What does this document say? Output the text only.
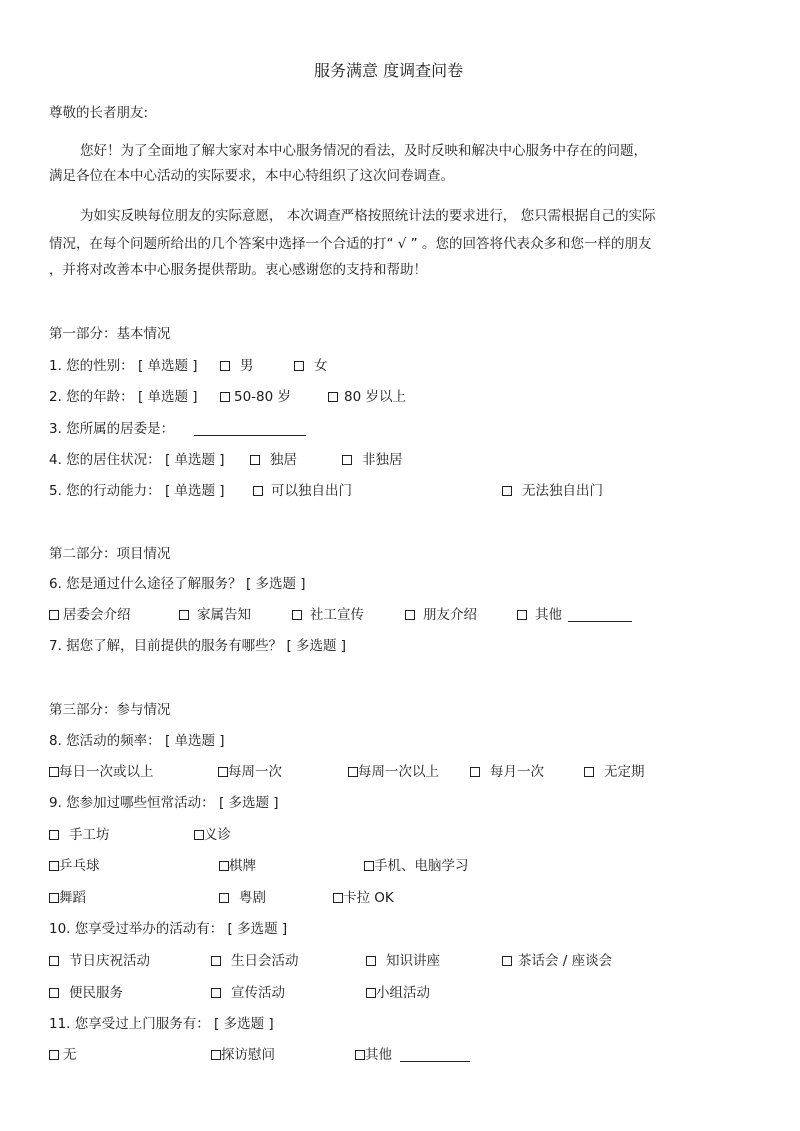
服务满意 度调查问卷
尊敬的长者朋友:
您好！为了全面地了解大家对本中心服务情况的看法，及时反映和解决中心服务中存在的问题，
满足各位在本中心活动的实际要求，本中心特组织了这次问卷调查。
为如实反映每位朋友的实际意愿， 本次调查严格按照统计法的要求进行， 您只需根据自己的实际
情况，在每个问题所给出的几个答案中选择一个合适的打“ √ ” 。您的回答将代表众多和您一样的朋友
，并将对改善本中心服务提供帮助。衷心感谢您的支持和帮助！
第一部分：基本情况
1. 您的性别： [ 单选题 ]	男	女
2. 您的年龄： [ 单选题 ]	50-80 岁	80 岁以上
3. 您所属的居委是：
4. 您的居住状况： [ 单选题 ]	独居	非独居
5. 您的行动能力： [ 单选题 ]	可以独自出门	无法独自出门
第二部分：项目情况
6. 您是通过什么途径了解服务？ [ 多选题 ]
居委会介绍	家属告知	社工宣传	朋友介绍	其他
7. 据您了解，目前提供的服务有哪些？ [ 多选题 ]
第三部分：参与情况
8. 您活动的频率： [ 单选题 ]
每日一次或以上	每周一次	每周一次以上	每月一次	无定期
9. 您参加过哪些恒常活动： [ 多选题 ]
手工坊	义诊
乒乓球	棋牌	手机、电脑学习
舞蹈	粤剧	卡拉 OK
10. 您享受过举办的活动有： [ 多选题 ]
节日庆祝活动	生日会活动	知识讲座	茶话会 / 座谈会
便民服务	宣传活动	小组活动
11. 您享受过上门服务有： [ 多选题 ]
无	探访慰问	其他
